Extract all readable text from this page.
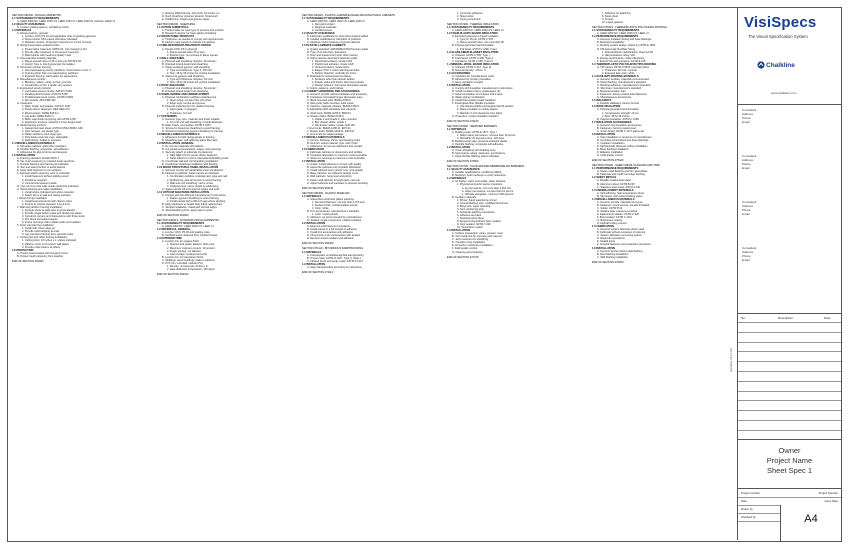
SECTION 061000 - ROUGH CARPENTRY
1.1 SUSTAINABILITY REQUIREMENTS
A. LEED 2009 NC; LEED 2009 CS; LEED 2009 CI; LEED 2009 for Schools; LEED v4
1.2 QUALITY ASSURANCE
A. Lumber grading agency: certified by ALSC
1.3 MATERIALS
A. Wood products, general:
1. Lumber: DOC PS 20 and applicable rules of grading agencies
2. Dress lumber S4S unless otherwise indicated
3. Moisture content: 19 percent maximum for 2-inch nominal
B. Wood-preservative-treated lumber:
1. Preservative treatment: AWPA U1; Use Category UC2
2. Kiln-dry after treatment to 19 percent maximum
3. Mark lumber with treatment quality mark
C. Fire-retardant-treated materials:
1. Flame-spread index of 25 or less per ASTM E 84
2. Interior Type A, low-hygroscopic formulation
D. Dimension lumber framing:
1. Non-load-bearing interior partitions: Construction or No. 2
2. Framing other than non-load-bearing partitions
3. Exposed framing: hand-select for appearance
E. Miscellaneous lumber:
1. Blocking, nailers, cants, furring, grounds
2. Construction or No. 2 grade, any species
F. Engineered wood products:
1. Laminated-veneer lumber, ASTM D 5456
2. Parallel-strand lumber, ASTM D 5456
3. Prefabricated wood I-joists, ASTM D 5055
4. Rim boards, APA PRR-401
G. Fasteners:
1. Nails, brads, and staples: ASTM F 1667
2. Power-driven fasteners: NES NER-272
3. Wood screws: ASME B18.6.1
4. Lag bolts: ASME B18.2.1
5. Bolts: steel bolts complying with ASTM A 307
6. Expansion anchors: capacity 6 times design load
H. Metal framing anchors:
1. Galvanized steel sheet, ASTM A 653/A 653M, G60
2. Joist hangers, top flange type
3. Rafter tiedowns, bent strap type
4. Post bases and post caps, adjustable
5. Hold-downs, bolted or screwed
1.4 MISCELLANEOUS MATERIALS
A. Sill-sealer gaskets: glass-fiber insulation
B. Flexible flashing: composite, self-adhesive
C. Adhesives for gluing furring and sleepers
1.5 INSTALLATION
A. Framing standard: AF&PA WCD 1
B. Set rough carpentry to required levels and lines
C. Provide blocking and framing as indicated
D. Sort and select lumber to avoid defects
E. Apply field treatment to cut surfaces
F. Securely attach carpentry work to substrate
1. Install fasteners without splitting wood
2. Predrill as required
3. Countersink fastener heads
G. Use common wire nails unless otherwise indicated
H. Wood blocking and nailer installation
1. Install where indicated and where required
2. Attach items to wall and ceiling surfaces
I. Wood furring installation
1. Install level and plumb with closure strips
2. Furring to receive plywood: 1-by-3-inch
J. Wall and partition framing installation
1. Arrange studs so wide face is perpendicular
2. Provide single bottom plate and double top plates
3. Construct corners and intersections with three studs
4. Fire block concealed spaces
5. Frame openings with multiple studs and headers
K. Floor joist framing installation
1. Install with crown edge up
2. Provide solid blocking at ends
3. Lap members framing from opposite sides
L. Ceiling joist and rafter framing installation
1. Ceiling joists: 16 inches o.c. unless indicated
2. Rafters: notch to fit exterior wall plates
3. Provide collar beams at rafters
1.6 PROTECTION
A. Protect wood treated with inorganic boron
B. Protect rough carpentry from weather
END OF SECTION 061000
C. Exterior Wall Framing: 2x6 studs; 16 inches o.c.
D. Roof sheathing: plywood, Exterior, Structural I
E. Subflooring: tongue-and-groove edges
SECTION 061600 - SHEATHING
1.1 ACTION SUBMITTALS
A. Product data: for each type of process and product
B. Research reports: for foam-plastic sheathing
1.2 WOOD PANEL PRODUCTS
A. Thickness: as needed to comply with requirements
B. Factory mark panels to indicate compliance
1.3 FIRE-RETARDANT-TREATED PLYWOOD
A. Panels: DOC PS 1 plywood
1. Flame-spread index 25 or less
2. Exterior type: no increase in flame spread
1.4 WALL SHEATHING
A. Plywood wall sheathing: Exterior, Structural I
B. Oriented-strand-board wall sheathing
C. Paper-surfaced gypsum wall sheathing
1. Type and thickness: Type X, 5/8 inch
2. Size: 48 by 96 inches for vertical installation
D. Glass-mat gypsum wall sheathing
1. Type and thickness: Regular, 1/2 inch
2. Size: 48 by 96 inches for vertical installation
1.5 ROOF SHEATHING
A. Plywood roof sheathing: Exterior, Structural I
B. Oriented-strand-board roof sheathing
1.6 SUBFLOORING AND UNDERLAYMENT
A. Plywood combination subfloor-underlayment
1. Span rating: not less than 24 inches
2. Edge style: tongue and groove
B. Plywood underlayment for resilient flooring
1. Face grade: C-plugged
2. Thickness: 1/2 inch
1.7 FASTENERS
A. General: type, size, material, and finish suitable
1. For roof and wall sheathing, provide fasteners
B. Nails, brads, and staples: ASTM F 1667
C. Screws for fastening sheathing to wood framing
D. Screws for fastening gypsum sheathing to framing
1.8 MISCELLANEOUS MATERIALS
A. Adhesives for field gluing panels to framing
B. Sheathing tape: self-adhering glass-fiber tape
1.9 INSTALLATION, GENERAL
A. Do not use materials with defects
B. Cut panels at penetrations, edges, and openings
C. Securely attach to substrate by fastening
1. NES NER-272 for power-driven fasteners
2. Table 2304.9.1 in ICC's International Building Code
D. Coordinate wall and roof sheathing installation
E. Coordinate sheathing installation with flashing
1.10 WOOD STRUCTURAL PANEL INSTALLATION
A. General: comply with applicable recommendations
B. Fastening methods: fasten panels as indicated
1. Combination subfloor-underlayment: glue and nail
2. Subflooring: glue and screw to wood framing
3. Wall and roof sheathing: nail or screw
4. Underlayment: nail or staple to subflooring
C. Space panels 1/8 inch apart at edges and ends
1.11 GYPSUM SHEATHING INSTALLATION
A. Comply with GA-253 and manufacturer's instructions
1. Fasten gypsum sheathing to wood framing
2. Install panels with a 3/8-inch gap where abutting
B. Apply fasteners so heads bear tightly against face
C. Vertical installation: install with vertical edges
D. Seal sheathing joints: apply tape to joints
END OF SECTION 061600
SECTION 062013 - EXTERIOR FINISH CARPENTRY
1.1 SUSTAINABILITY REQUIREMENTS
A. LEED 2009 NC; LEED 2009 CS; LEED v4
1.2 MATERIALS, GENERAL
A. Lumber: DOC PS 20 and grading rules
B. Certified wood: obtained from certified forests
1.3 EXTERIOR TRIM
A. Lumber trim for opaque finish
1. Species and grade: Eastern white pine
2. Maximum moisture content: 19 percent
3. Finger jointing: not allowed
4. Face surface: surfaced (smooth)
B. Lumber trim for transparent finish
C. Moldings: wood moldings made to patterns
D. PVC trim: extruded, cellular PVC
1. Density: not less than 31 lb/cu. ft.
2. Heat deflection temperature: 130 deg F
END OF SECTION 062013
SECTION 064116 - PLASTIC-LAMINATE-FACED ARCHITECTURAL CABINETS
1.1 SUSTAINABILITY REQUIREMENTS
A. LEED 2009 NC; LEED 2009 CS; LEED 2009 CI
1. Recycled content
2. Regional materials
3. Certified wood
1.2 QUALITY ASSURANCE
A. Fabricator qualifications: shop that employs skilled
B. Installer qualifications: fabricator of products
C. Mockups: build mockups of typical cabinets
1.3 PLASTIC-LAMINATE CABINETS
A. Quality standard: AWI/AWMAC/WI Premium grade
B. Type of construction: frameless
C. Door and drawer-front style: flush overlay
D. High-pressure decorative laminate grade
1. Horizontal surfaces: Grade HGS
2. Postformed surfaces: Grade HGP
3. Vertical surfaces: Grade HGS
4. Edges: PVC T-mold matching laminate
5. Pattern direction: vertically for doors
E. Materials for semiexposed surfaces
1. Surfaces other than drawer bodies
2. Drawer sides and backs: thermoset panels
3. Drawer bottoms: thermoset decorative panels
F. Colors, patterns, and finishes
1.4 CABINET HARDWARE AND ACCESSORIES
A. General: provide cabinet hardware and accessory
B. Frameless concealed hinges (European type)
C. Back-mounted pulls: BHMA A156.9
D. Wire pulls: back mounted, solid metal
E. Catches: magnetic catches, BHMA A156.9
F. Adjustable shelf standards and supports
G. Shelf rests: BHMA A156.9, B04013
H. Drawer slides: BHMA A156.9
1. Grade 1 and Grade 2: side mounted
2. Box drawer slides: Grade 1
3. File drawer slides: Grade 1HD-100
I. Door locks: BHMA A156.11, E07121
J. Drawer locks: BHMA A156.11, E07041
K. Grommets for cable passage
1.5 MISCELLANEOUS MATERIALS
A. Furring, blocking, shims, and hanging strips
B. Anchors: select material, type, size, finish
C. Adhesives: do not use adhesives that contain
1.6 FABRICATION
A. Fabricate cabinets to dimensions and profiles
B. Complete fabrication to maximum extent possible
C. Shop-cut openings to maximum extent possible
1.7 INSTALLATION
A. Grade: install cabinets to comply with quality
B. Assemble cabinets and complete fabrication
C. Install cabinets level, plumb, true, and straight
D. Base cabinets: set cabinets straight, level
E. Wall cabinets: hang level and plumb
F. Fasten wall cabinets through back, near top
G. Adjust cabinets and hardware to operate smoothly
END OF SECTION 064116
SECTION 066400 - PLASTIC PANELING
1.1 MATERIALS
A. Glass-fiber-reinforced plastic paneling
1. Nominal thickness: not less than 0.075 inch
2. Surface finish: molded pebble texture
3. Color: white
B. Trim accessories: manufacturer's standard
1. Color: match panels
C. Adhesive: as recommended by manufacturer
D. Sealant: single-component, mildew-resistant
1.2 INSTALLATION
A. Examine substrates for compliance
B. Install panels in a full spread of adhesive
C. Install trim accessories with adhesive
D. Fill grooves in trim accessories with sealant
E. Remove excess sealant and adhesive
END OF SECTION 066400
SECTION 071113 - BITUMINOUS DAMPPROOFING
1.1 MATERIALS
A. Cold-applied, emulsified-asphalt dampproofing
B. Trowel coats: ASTM D 1227, Type II, Class 1
C. Fibered brush and spray coats: ASTM D 1227
1.2 INSTALLATION
A. Apply dampproofing according to instructions
END OF SECTION 071113
1. Continuity adhesive
2. Sheet stock
3. Curing compound
SECTION 072100 - THERMAL INSULATION
1.1 SUSTAINABILITY REQUIREMENTS
A. LEED 2009 NC; LEED 2009 CS; LEED v4
1.2 FOAM-PLASTIC BOARD INSULATION
A. Extruded polystyrene board insulation
1. Type IV, 25 psi, ASTM C 578
2. Flame-spread index: not more than 25
B. Polyisocyanurate board insulation
1. Foil faced, ASTM C 1289, Type I
1.3 GLASS-FIBER BLANKET INSULATION
A. Unfaced, ASTM C 665, Type I
B. Kraft faced, ASTM C 665, Type II
C. Foil faced, ASTM C 665, Type III
1.4 MINERAL-WOOL BOARD INSULATION
A. Unfaced, ASTM C 612, Type IA
B. Nominal density: 4 lb/cu. ft.
1.5 ACCESSORIES
A. Insulation for miscellaneous voids
B. Adhesive for bonding insulation
C. Eave ventilation troughs
1.6 INSTALLATION
A. Comply with insulation manufacturer's instructions
B. Install insulation that is undamaged, dry
C. Extend insulation to envelope entire area
D. Water-piping coordination
E. Install foam-plastic board insulation
F. Install glass-fiber blanket insulation
1. Use blanket widths and lengths that fill cavities
2. Place insulation in ceiling spaces
3. Maintain 3-inch clearance from lights
G. Protection: protect installed insulation
END OF SECTION 072100
SECTION 072500 - WEATHER BARRIERS
1.1 MATERIALS
A. Building wrap: ASTM E 1677, Type I
1. Water-vapor permeance: not less than 10 perms
2. Allowable UV exposure time: 120 days
B. Building-wrap tape: pressure-sensitive plastic
C. Flexible flashing: composite self-adhesive
1.2 INSTALLATION
A. Cover sheathing with building wrap
B. Seal seams, edges, fasteners, penetrations
C. Apply flexible flashing where indicated
END OF SECTION 072500
SECTION 072726 - FLUID-APPLIED MEMBRANE AIR BARRIERS
1.1 QUALITY ASSURANCE
A. Installer qualifications: certified by ABAA
B. Mockups: build mockups to verify selections
1.2 MATERIALS
A. Air barrier: vapor permeable, water resistive
1. Physical and performance properties
a. Air permeance: not more than 0.004 cfm
b. Vapor permeance: not less than 10 perms
c. Ultimate elongation: minimum 500 percent
B. Auxiliary materials
1. Primer: liquid waterborne primer
2. Counterflashing strip: modified bituminous
3. Butyl strip: vapor retarding
4. Joint reinforcing strip
5. Substrate patching membrane
6. Adhesive and tape
7. Stainless-steel sheet
8. Sprayed polyurethane foam sealant
9. Joint sealant: ASTM C 920
10. Termination mastic
1.3 INSTALLATION
A. Surface preparation: clean, prepare, treat
B. Joint treatment for concrete and masonry
C. Joint treatment for sheathing
D. Transition strip installation
E. Air-barrier membrane installation
F. Field quality control
G. Cleaning and protection
END OF SECTION 072726
7. Adhesive for attaching
8. Steel sheet
9. Screws
10. Liquid gaskets
SECTION 075423 - THERMOPLASTIC POLYOLEFIN ROOFING
1.1 SUSTAINABILITY REQUIREMENTS
A. LEED 2009 NC; LEED 2009 CS; LEED v4
1.2 PERFORMANCE REQUIREMENTS
A. General: installed roofing and base flashings
B. Material compatibility
C. Roofing system design: tested by ASTM E 1592
D. FM Approvals' RoofNav listing
1. Fire/windstorm classification: Class 1A-90
2. Hail-resistance rating: MH
E. Energy performance: solar reflectance
F. Exterior fire-test exposure: ASTM E 108
1.3 THERMOPLASTIC POLYOLEFIN (TPO) ROOFING
A. TPO sheet: ASTM D 6878, internally fabric
1. Thickness: 60 mils, nominal
2. Exposed face color: white
1.4 AUXILIARY ROOFING MATERIALS
A. General: auxiliary materials recommended
B. Sheet flashing: manufacturer's standard
C. Bonding adhesive: manufacturer's standard
D. Slip sheet: manufacturer's standard
E. Metal termination bars
F. Fasteners: factory-coated steel fasteners
G. Miscellaneous accessories
1.5 WALKWAYS
A. Flexible walkways: factory-formed
1.6 ROOF INSULATION
A. Polyisocyanurate board insulation
1. Compressive strength: 20 psi
2. Size: 48 by 96 inches
B. Tapered insulation: ASTM C 1289
1.7 INSULATION ACCESSORIES
A. General: roof insulation accessories
B. Fasteners: factory-coated steel
C. Cover board: ASTM C 1177 glass-mat
1.8 INSTALLATION
A. Start installation in presence of manufacturer
B. Complete terminations and base flashings
C. Insulation installation
D. Mechanically fastened roofing installation
E. Base flashing installation
F. Walkway installation
G. Field quality control
END OF SECTION 075423
SECTION 076200 - SHEET METAL FLASHING AND TRIM
1.1 PERFORMANCE REQUIREMENTS
A. Sheet metal flashing and trim assemblies
B. Fabricate and install roof edge flashing
1.2 SHEET METALS
A. Metallic-coated steel sheet
B. Aluminum sheet: ASTM B 209
C. Stainless-steel sheet: ASTM A 240
1.3 UNDERLAYMENT MATERIALS
A. Self-adhering, high-temperature sheet
B. Slip sheet: rosin-sized building paper
1.4 MISCELLANEOUS MATERIALS
A. General: provide materials and types
B. Fasteners: wood screws, annular threaded
C. Solder: ASTM B 32
D. Sealant tape: pressure-sensitive
E. Elastomeric sealant: ASTM C 920
F. Butyl sealant: ASTM C 1311
G. Bituminous coating
H. Asphalt roofing cement
1.5 FABRICATION
A. General: custom fabricate sheet metal
B. Fabricate without excessive oil canning
C. Seams: fabricate nonmoving seams
D. Expansion provisions
E. Sealed joints
F. Conceal fasteners and expansion provisions
1.6 INSTALLATION
A. General: anchor sheet metal flashing
B. Roof flashing installation
C. Wall flashing installation
END OF SECTION 076200
VisiSpecs V3.12.102
VisiSpecs
The Visual Specification System
Chalkline
www.chalkline.com
Consultant
Address
Phone
Email
Consultant
Address
Phone
Email
Consultant
Address
Phone
Email
Consultant
Address
Phone
Email
No.	Description	Date
Owner
Project Name
Sheet Spec 1
Project number	Project Number
Date	Issue Date
Drawn by
Checked by	A4
